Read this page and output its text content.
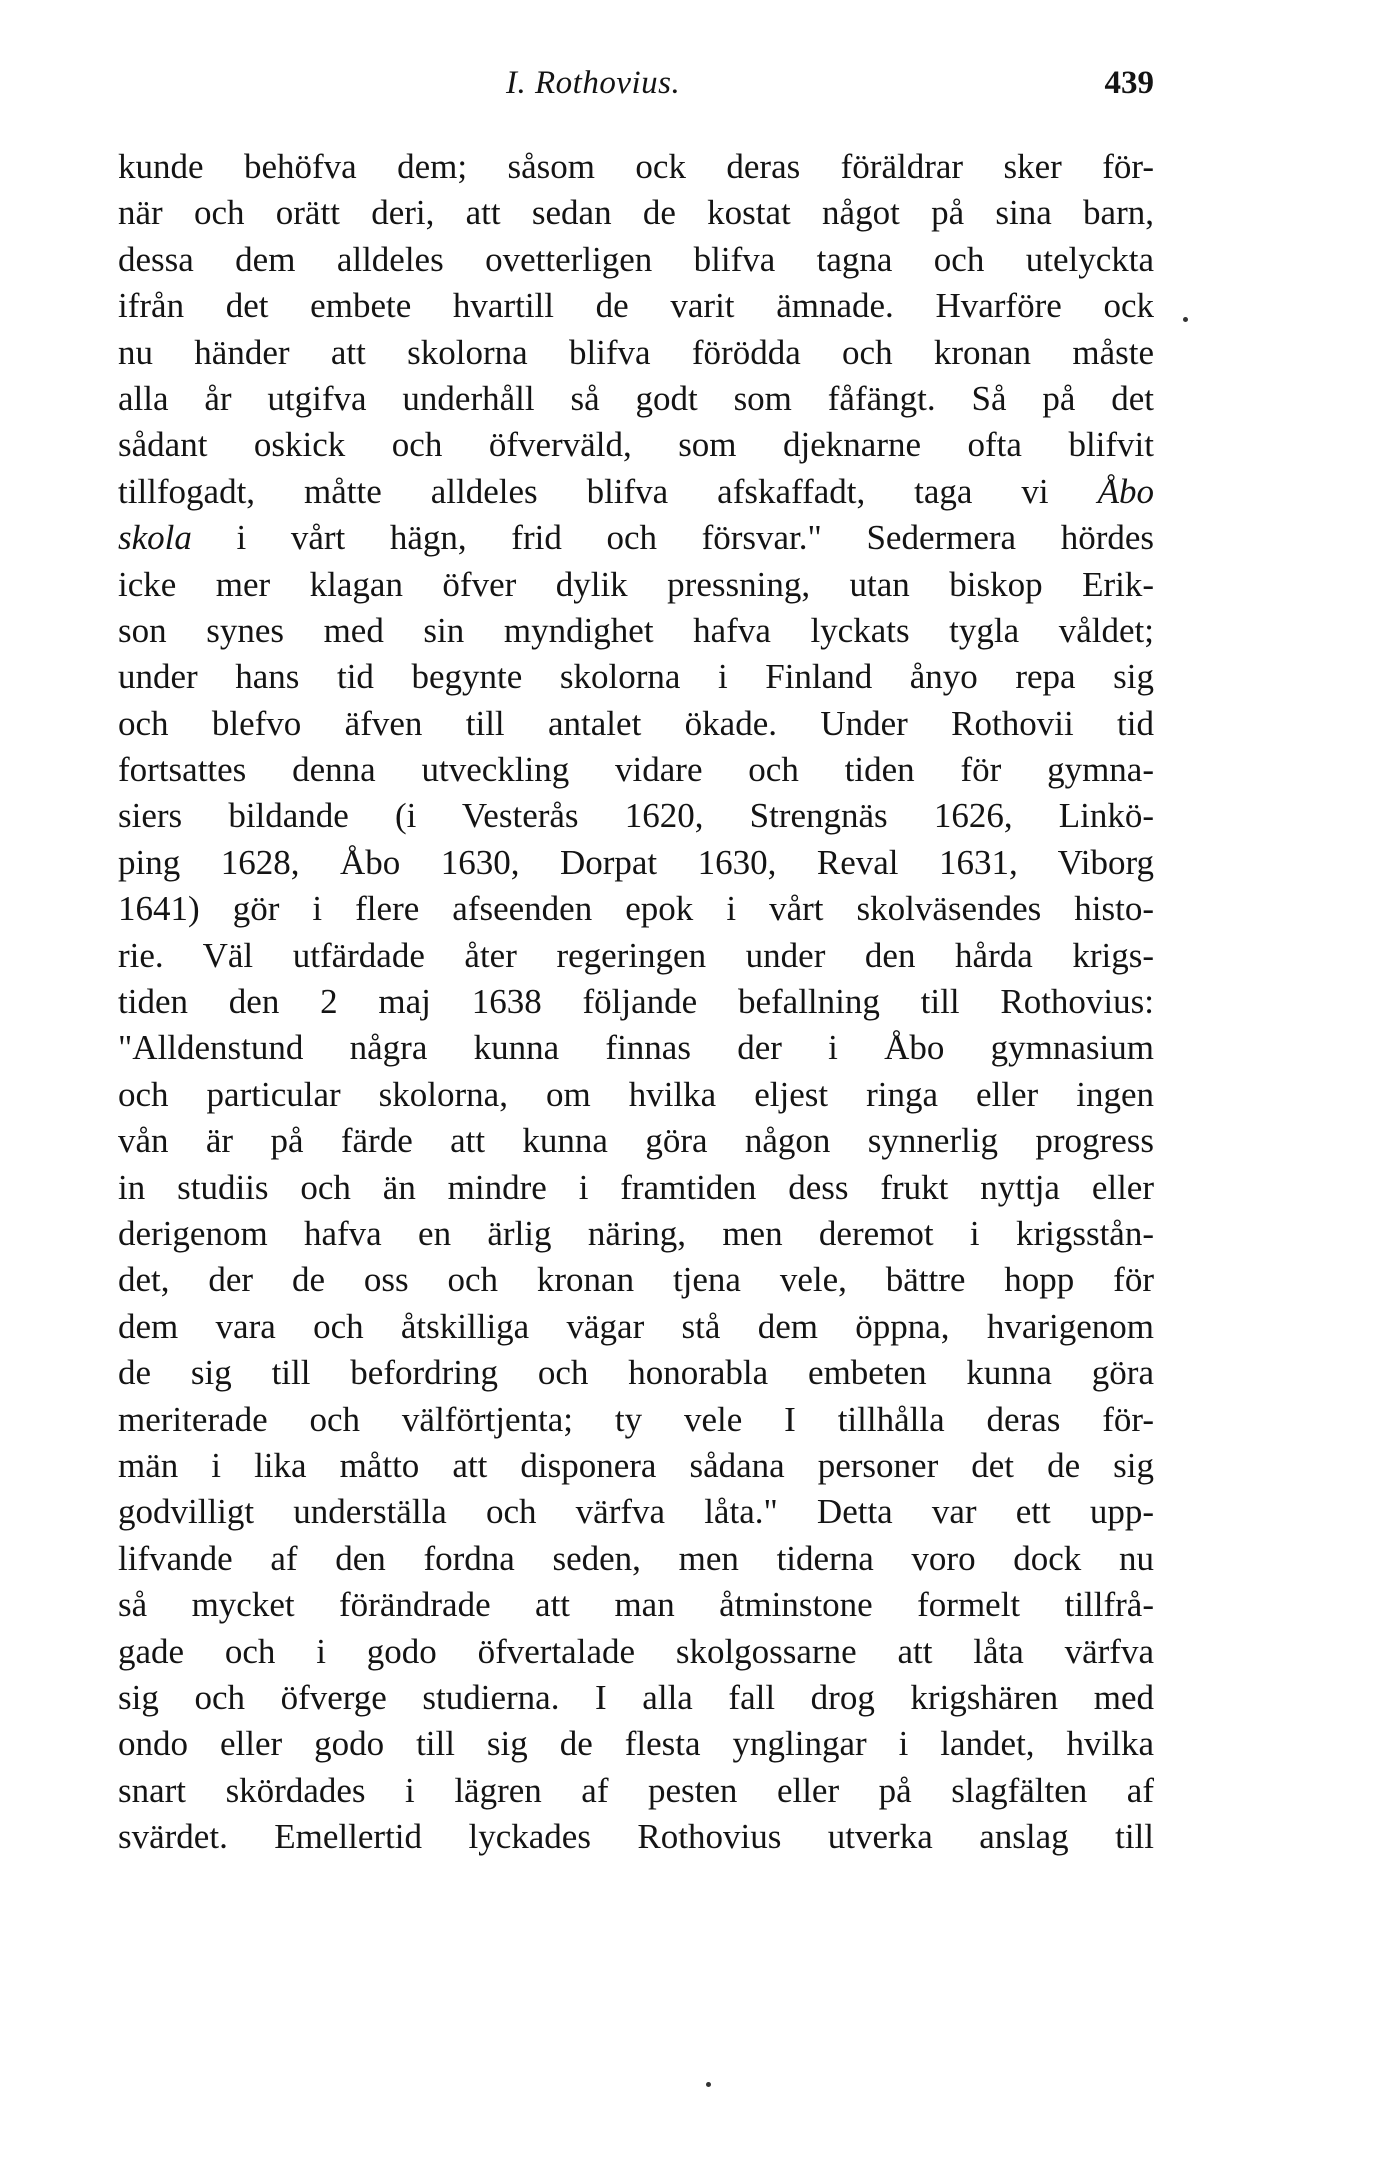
I. Rothovius.	439
kunde behöfva dem; såsom ock deras föräldrar sker för-
när och orätt deri, att sedan de kostat något på sina barn,
dessa dem alldeles ovetterligen blifva tagna och utelyckta
ifrån det embete hvartill de varit ämnade. Hvarföre ock
nu händer att skolorna blifva förödda och kronan måste
alla år utgifva underhåll så godt som fåfängt. Så på det
sådant oskick och öfverväld, som djeknarne ofta blifvit
tillfogadt, måtte alldeles blifva afskaffadt, taga vi Åbo
skola i vårt hägn, frid och försvar." Sedermera hördes
icke mer klagan öfver dylik pressning, utan biskop Erik-
son synes med sin myndighet hafva lyckats tygla våldet;
under hans tid begynte skolorna i Finland ånyo repa sig
och blefvo äfven till antalet ökade. Under Rothovii tid
fortsattes denna utveckling vidare och tiden för gymna-
siers bildande (i Vesterås 1620, Strengnäs 1626, Linkö-
ping 1628, Åbo 1630, Dorpat 1630, Reval 1631, Viborg
1641) gör i flere afseenden epok i vårt skolväsendes histo-
rie. Väl utfärdade åter regeringen under den hårda krigs-
tiden den 2 maj 1638 följande befallning till Rothovius:
"Alldenstund några kunna finnas der i Åbo gymnasium
och particular skolorna, om hvilka eljest ringa eller ingen
vån är på färde att kunna göra någon synnerlig progress
in studiis och än mindre i framtiden dess frukt nyttja eller
derigenom hafva en ärlig näring, men deremot i krigsstån-
det, der de oss och kronan tjena vele, bättre hopp för
dem vara och åtskilliga vägar stå dem öppna, hvarigenom
de sig till befordring och honorabla embeten kunna göra
meriterade och välförtjenta; ty vele I tillhålla deras för-
män i lika måtto att disponera sådana personer det de sig
godvilligt underställa och värfva låta." Detta var ett upp-
lifvande af den fordna seden, men tiderna voro dock nu
så mycket förändrade att man åtminstone formelt tillfrå-
gade och i godo öfvertalade skolgossarne att låta värfva
sig och öfverge studierna. I alla fall drog krigshären med
ondo eller godo till sig de flesta ynglingar i landet, hvilka
snart skördades i lägren af pesten eller på slagfälten af
svärdet. Emellertid lyckades Rothovius utverka anslag till
